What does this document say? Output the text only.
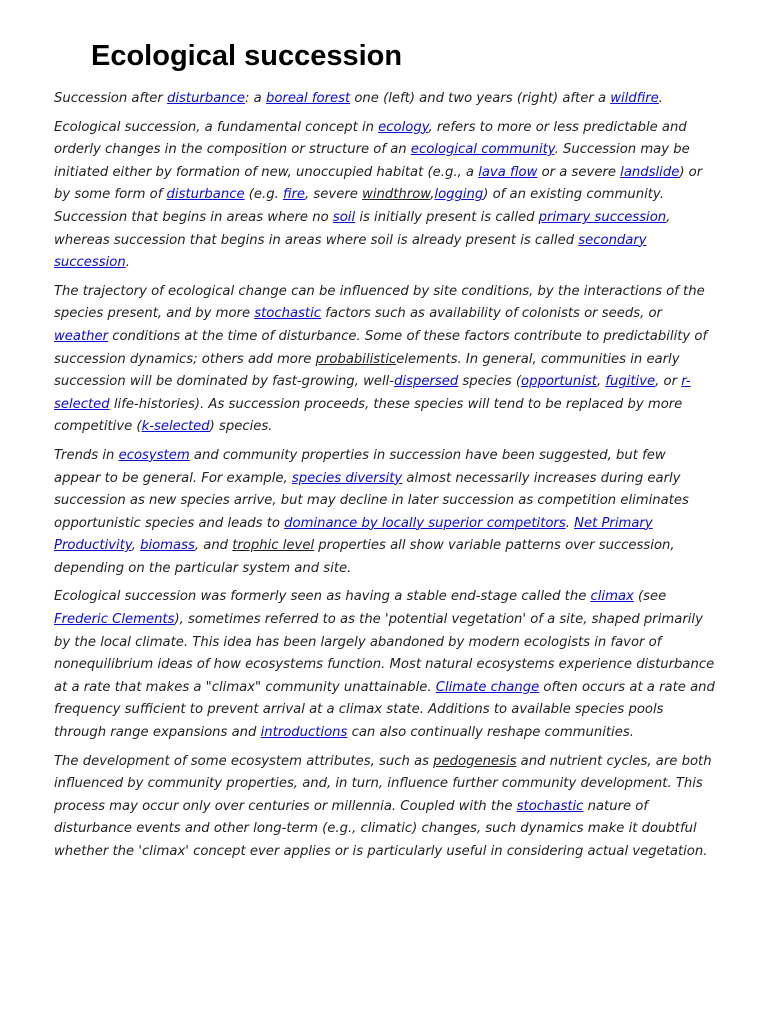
Ecological succession

Succession after disturbance: a boreal forest one (left) and two years (right) after a wildfire.

Ecological succession, a fundamental concept in ecology, refers to more or less predictable and orderly changes in the composition or structure of an ecological community. Succession may be initiated either by formation of new, unoccupied habitat (e.g., a lava flow or a severe landslide) or by some form of disturbance (e.g. fire, severe windthrow,logging) of an existing community. Succession that begins in areas where no soil is initially present is called primary succession, whereas succession that begins in areas where soil is already present is called secondary succession.

The trajectory of ecological change can be influenced by site conditions, by the interactions of the species present, and by more stochastic factors such as availability of colonists or seeds, or weather conditions at the time of disturbance. Some of these factors contribute to predictability of succession dynamics; others add more probabilisticelements. In general, communities in early succession will be dominated by fast-growing, well-dispersed species (opportunist, fugitive, or r-selected life-histories). As succession proceeds, these species will tend to be replaced by more competitive (k-selected) species.

Trends in ecosystem and community properties in succession have been suggested, but few appear to be general. For example, species diversity almost necessarily increases during early succession as new species arrive, but may decline in later succession as competition eliminates opportunistic species and leads to dominance by locally superior competitors. Net Primary Productivity, biomass, and trophic level properties all show variable patterns over succession, depending on the particular system and site.

Ecological succession was formerly seen as having a stable end-stage called the climax (see Frederic Clements), sometimes referred to as the 'potential vegetation' of a site, shaped primarily by the local climate. This idea has been largely abandoned by modern ecologists in favor of nonequilibrium ideas of how ecosystems function. Most natural ecosystems experience disturbance at a rate that makes a "climax" community unattainable. Climate change often occurs at a rate and frequency sufficient to prevent arrival at a climax state. Additions to available species pools through range expansions and introductions can also continually reshape communities.

The development of some ecosystem attributes, such as pedogenesis and nutrient cycles, are both influenced by community properties, and, in turn, influence further community development. This process may occur only over centuries or millennia. Coupled with the stochastic nature of disturbance events and other long-term (e.g., climatic) changes, such dynamics make it doubtful whether the 'climax' concept ever applies or is particularly useful in considering actual vegetation.
